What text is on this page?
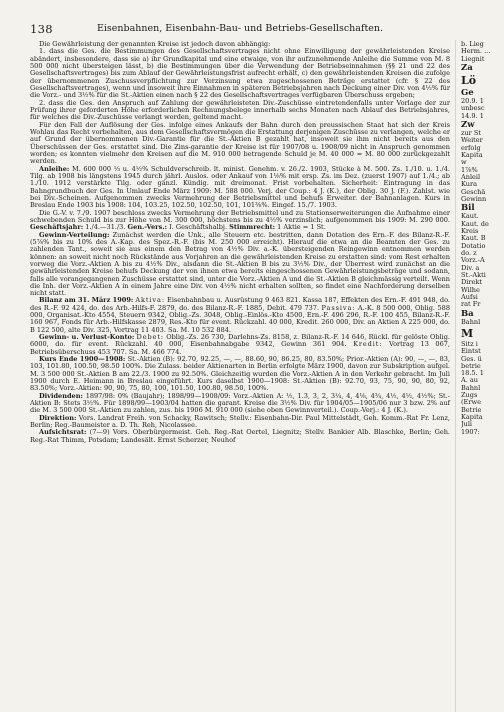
138	Eisenbahnen, Eisenbahn-Bau- und Betriebs-Gesellschaften.

Die Gewährleistung der genannten Kreise ist jedoch davon abhängig:

1. dass die Ges. die Bestimmungen des Gesellschaftsvertrages nicht ohne Einwilligung der gewährleistenden Kreise abändert, insbesondere, dass sie a) ihr Grundkapital und eine etwaige, von ihr aufzunehmende Anleihe die Summe von M. 8 500 000 nicht übersteigen lässt, b) die Bestimmungen über die Verwendung der Betriebseinnahmen (§§ 21 und 22 des Gesellschaftsvertrages) bis zum Ablauf der Gewährleistungsfrist aufrecht erhält, c) den gewährleistenden Kreisen die zufolge der übernommenen Zuschussverpflichtung zur Verzinsung etwa zugeschossenen Beträge erstattet (cfr. § 22 des Gesellschaftsvertrages), wenn und insoweit ihre Einnahmen in späteren Betriebsjahren nach Deckung einer Div. von 4½% für die Vorz.- und 3½% für die St.-Aktien einen nach § 22 des Gesellschaftsvertrages verfügbaren Überschuss ergeben;

2. dass die Ges. den Anspruch auf Zahlung der gewährleisteten Div.-Zuschüsse eintretendenfalls unter Vorlage der zur Prüfung ihrer geforderten Höhe erforderlichen Rechnungsbelege innerhalb sechs Monaten nach Ablauf des Betriebsjahres, für welches die Div.-Zuschüsse verlangt werden, geltend macht.

Für den Fall der Auflösung der Ges. infolge eines Ankaufs der Bahn durch den preussischen Staat hat sich der Kreis Wohlau das Recht vorbehalten, aus dem Gesellschaftsvermögen die Erstattung derjenigen Zuschüsse zu verlangen, welche er auf Grund der übernommenen Div.-Garantie für die St.-Aktien B gezahlt hat, insoweit sie ihm nicht bereits aus den Überschüssen der Ges. erstattet sind. Die Zins-garantie der Kreise ist für 1907/08 u. 1908/09 nicht in Anspruch genommen worden; es konnten vielmehr den Kreisen auf die M. 910 000 betragende Schuld je M. 40 000 = M. 80 000 zurückgezahlt werden.

Anleihe: M. 600 000 ⅓ u. 4½% Schuldverschreib. lt. minist. Genehm. v. 26./2. 1903, Stücke à M. 500. Zs. 1./10. u. 1./4. Tilg. ab 1908 bis längstens 1945 durch jährl. Auslos. oder Ankauf von 1⅛% mit ersp. Zs. im Dez. (zuerst 1907) auf 1./4.; ab 1./10. 1912 verstärkte Tilg. oder gänzl. Kündig. mit dreimonat. Frist vorbehalten. Sicherheit: Eintragung in das Bahngrundbuch der Ges. In Umlauf Ende März 1909: M. 588 000. Verj. der Coup.: 4 J. (K.), der Oblig. 30 J. (F.). Zahlst. wie bei Div.-Scheinen. Aufgenommen zwecks Vermehrung der Betriebsmittel und behufs Erweiter. der Bahnanlagen. Kurs in Breslau Ende 1903 bis 1908: 104, 103.25, 102.50, 102.50, 101, 101⅜%. Eingef. 15./7. 1903.

Die G.-V. v. 7./9. 1907 beschloss zwecks Vermehrung der Betriebsmittel und zu Stationserweiterungen die Aufnahme einer schwebenden Schuld bis zur Höhe von M. 300 000, höchstens bis zu 4½% verzinslich; aufgenommen bis 1909: M. 290 000. Geschäftsjahr: 1./4.—31./3. Gen.-Vers.: I. Geschäftshalbj. Stimmrecht: 1 Aktie = 1 St.

Gewinn-Verteilung: Zunächst werden die Unk., alle Steuern etc. bestritten, dann Dotation des Ern.-F. des Bilanz-R.-F. (5⅞% bis zu 10% des A.-Kap. des Spez.-R.-F. (bis M. 250 000 erreicht). Hierauf die etwa an die Beamten der Ges. zu zahlenden Tant., soweit sie aus einem den Betrag von 4½% Div. a.-K. übersteigenden Reingewinn entnommen werden können: an soweit nicht noch Rückstände aus Vorjahren an die gewährleistenden Kreise zu erstatten sind: vom Rest erhalten vorweg die Vorz.-Aktien A bis zu 4½% Div., alsdann die St.-Aktien B bis zu 3½% Div., der Überrest wird zunächst an die gewährleistenden Kreise behufs Deckung der von ihnen etwa bereits eingeschossenen Gewährleistungsbeträge und sodann, falls alle vorangegangenen Zuschüsse erstattet sind, unter die Vorz.-Aktien A und die St.-Aktien B gleichmässig verteilt. Wenn die Inh. der Vorz.-Aktien A in einem Jahre eine Div. von 4½% nicht erhalten sollten, so findet eine Nachforderung derselben nicht statt.

Bilanz am 31. März 1909: Aktiva: Eisenbahnbau u. Ausrüstung 9 463 821. Kassa 187, Effekten des Ern.-F. 491 948, do. des R.-F. 92 424, do. des Arb.-Hilfs-F. 2879, do. des Bilanz-R.-F. 1885, Debit. 479 737. Passiva: A.-K. 8 500 000, Oblig. 588 000, Organisat.-Kto 4554, Steuern 9342, Oblig.-Zs. 3048, Oblig.-Einlös.-Kto 4500, Ern.-F. 496 296, R.-F. 100 455, Bilanz-R.-F. 160 967, Fonds für Arb.-Hilfskasse 2879, Res.-Kto für event. Rückzahl. 40 000, Kredit. 260 000, Div. an Aktien A 225 000, do. B 122 500, alte Div. 325, Vortrag 11 403. Sa. M. 10 532 884.

Gewinn- u. Verlust-Konto: Debet: Oblig.-Zs. 26 730, Darlehns-Zs. 8158, z. Bilanz-R.-F. 14 646, Rückl. für gelöste Oblig. 6000, do. für event. Rückzahl. 40 000, Eisenbahnabgabe 9342, Gewinn 361 904. Kredit: Vortrag 13 067, Betriebsüberschuss 453 707. Sa. M. 466 774.

Kurs Ende 1900—1908: St.-Aktien (B): 92.70, 92.25, —, —, 88.60, 90, 86.25, 80, 83.50%; Prior.-Aktien (A): 90, —, —, 83, 103, 101.80, 100.50, 98.50 100%. Die Zulass. beider Aktienarten in Berlin erfolgte März 1900, davon zur Subskription aufgel. M. 3 500 000 St.-Aktien B am 22./3. 1900 zu 92.50%. Gleichzeitig wurden die Vorz.-Aktien A in den Verkehr gebracht. Im Juli 1900 durch E. Heimann in Breslau eingeführt. Kurs daselbst 1900—1908: St.-Aktien (B): 92.70, 93, 75, 90, 90, 80, 92, 83.50%; Vorz.-Aktien: 90, 90, 75, 80, 100, 101.50, 100.80, 98.50, 100%.

Dividenden: 1897/98: 0% (Baujahr); 1898/99—1908/09: Vorz.-Aktien A: ½, 1.3, 3, 2, 3¼, 4, 4⅛, 4¾, 4½, 4½, 4½%; St.-Aktien B: Stets 3½%. Für 1898/99—1903/04 hatten die garant. Kreise die 3½% Div. für 1904/05—1905/06 nur 3 bzw. 2% auf die M. 3 500 000 St.-Aktien zu zahlen, zus. bis 1906 M. 910 000 (siehe oben Gewinnverteil.). Coup.-Verj.: 4 J. (K.).

Direktion: Vors. Landrat Freih. von Schacky, Rawitsch; Stellv.: Eisenbahn-Dir. Paul Mittelstädt, Geh. Komm.-Rat Fr. Lenz, Berlin; Reg.-Baumeister a. D. Th. Reh, Nicolassee.

Aufsichtsrat: (7—9) Vors. Oberbürgermeist. Geh. Reg.-Rat Oertel, Liegnitz; Stellv. Bankier Alb. Blaschke, Berlin; Geh. Reg.-Rat Thimm, Potsdam; Landesält. Ernst Scherzer, Neuhof

b. Lieg
Herm. ...
Liegnit
Za
Lö
Ge
20.9. 1
unbesc
14.9. 1
Zw
zur St
Weiter
erfolg
Kapita
w
1⅞%
Anleil
Kura
Geschä
Gewinn
Bil
Kaut.
Kaut. de
Kreis
Kaut. B
Dotatio
do. z
Vorz.-A
Div. a
St.-Akti
Direkt
Wilhe
Aufsi
rat Fr
Ba
Bahnl
M
Sitz i
Eintst
Ges. ü
betrie
18.5. 1
A. au
Bahnl
Zugs
(Erwe
Betrie
Kapita
Juli
1907:
